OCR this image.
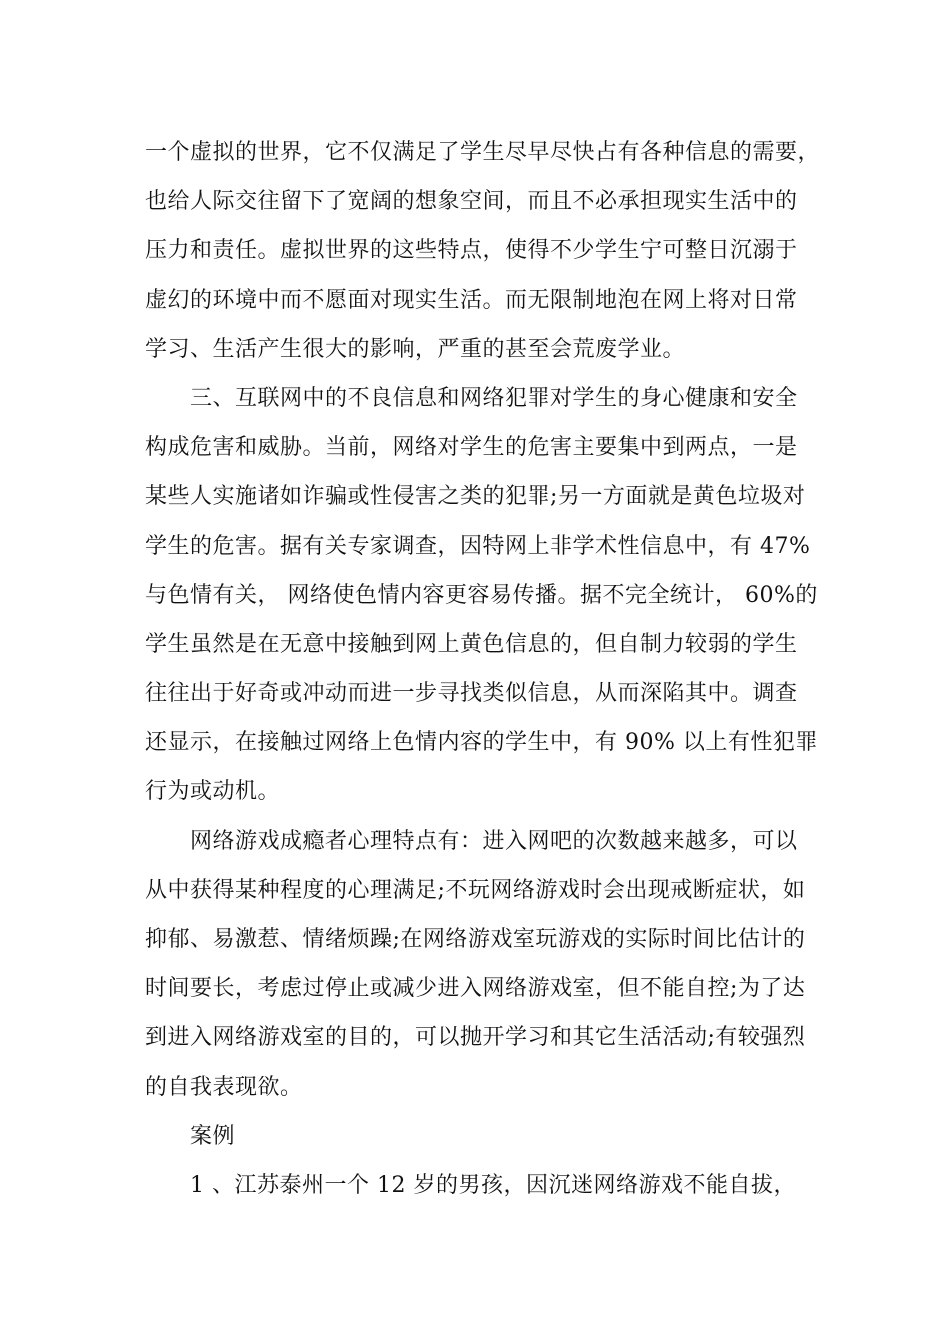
一个虚拟的世界，它不仅满足了学生尽早尽快占有各种信息的需要，
也给人际交往留下了宽阔的想象空间，而且不必承担现实生活中的
压力和责任。虚拟世界的这些特点，使得不少学生宁可整日沉溺于
虚幻的环境中而不愿面对现实生活。而无限制地泡在网上将对日常
学习、生活产生很大的影响，严重的甚至会荒废学业。
三、互联网中的不良信息和网络犯罪对学生的身心健康和安全
构成危害和威胁。当前，网络对学生的危害主要集中到两点，一是
某些人实施诸如诈骗或性侵害之类的犯罪;另一方面就是黄色垃圾对
学生的危害。据有关专家调查，因特网上非学术性信息中，有 47%
与色情有关， 网络使色情内容更容易传播。据不完全统计， 60%的
学生虽然是在无意中接触到网上黄色信息的，但自制力较弱的学生
往往出于好奇或冲动而进一步寻找类似信息，从而深陷其中。调查
还显示，在接触过网络上色情内容的学生中，有 90% 以上有性犯罪
行为或动机。
网络游戏成瘾者心理特点有：进入网吧的次数越来越多，可以
从中获得某种程度的心理满足;不玩网络游戏时会出现戒断症状，如
抑郁、易激惹、情绪烦躁;在网络游戏室玩游戏的实际时间比估计的
时间要长，考虑过停止或减少进入网络游戏室，但不能自控;为了达
到进入网络游戏室的目的，可以抛开学习和其它生活活动;有较强烈
的自我表现欲。
案例
1 、江苏泰州一个 12 岁的男孩，因沉迷网络游戏不能自拔，
